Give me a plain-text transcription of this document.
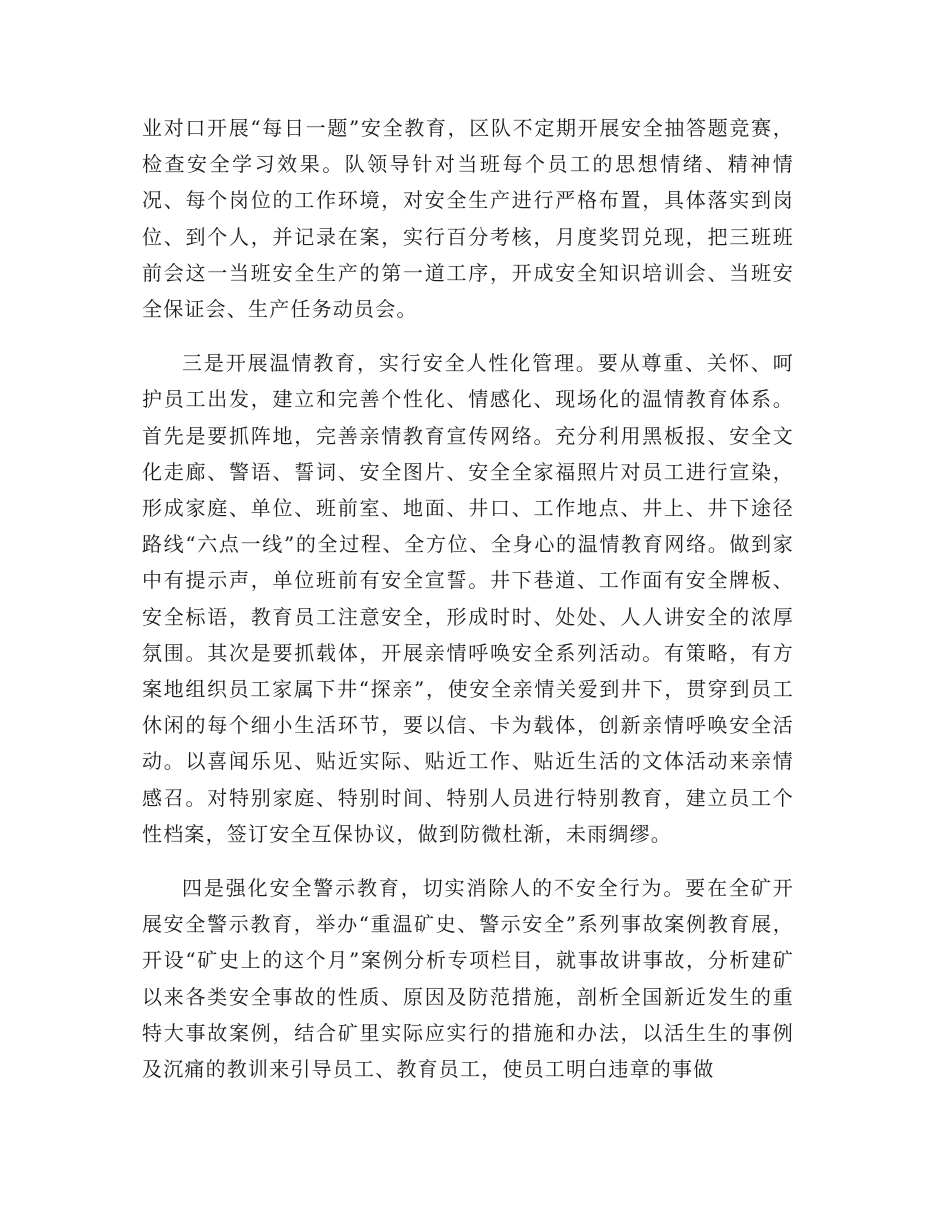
业对口开展“每日一题”安全教育，区队不定期开展安全抽答题竞赛，检查安全学习效果。队领导针对当班每个员工的思想情绪、精神情况、每个岗位的工作环境，对安全生产进行严格布置，具体落实到岗位、到个人，并记录在案，实行百分考核，月度奖罚兑现，把三班班前会这一当班安全生产的第一道工序，开成安全知识培训会、当班安全保证会、生产任务动员会。

三是开展温情教育，实行安全人性化管理。要从尊重、关怀、呵护员工出发，建立和完善个性化、情感化、现场化的温情教育体系。首先是要抓阵地，完善亲情教育宣传网络。充分利用黑板报、安全文化走廊、警语、誓词、安全图片、安全全家福照片对员工进行宣染，形成家庭、单位、班前室、地面、井口、工作地点、井上、井下途径路线“六点一线”的全过程、全方位、全身心的温情教育网络。做到家中有提示声，单位班前有安全宣誓。井下巷道、工作面有安全牌板、安全标语，教育员工注意安全，形成时时、处处、人人讲安全的浓厚氛围。其次是要抓载体，开展亲情呼唤安全系列活动。有策略，有方案地组织员工家属下井“探亲”，使安全亲情关爱到井下，贯穿到员工休闲的每个细小生活环节，要以信、卡为载体，创新亲情呼唤安全活动。以喜闻乐见、贴近实际、贴近工作、贴近生活的文体活动来亲情感召。对特别家庭、特别时间、特别人员进行特别教育，建立员工个性档案，签订安全互保协议，做到防微杜渐，未雨绸缪。

四是强化安全警示教育，切实消除人的不安全行为。要在全矿开展安全警示教育，举办“重温矿史、警示安全”系列事故案例教育展，开设“矿史上的这个月”案例分析专项栏目，就事故讲事故，分析建矿以来各类安全事故的性质、原因及防范措施，剖析全国新近发生的重特大事故案例，结合矿里实际应实行的措施和办法，以活生生的事例及沉痛的教训来引导员工、教育员工，使员工明白违章的事做
